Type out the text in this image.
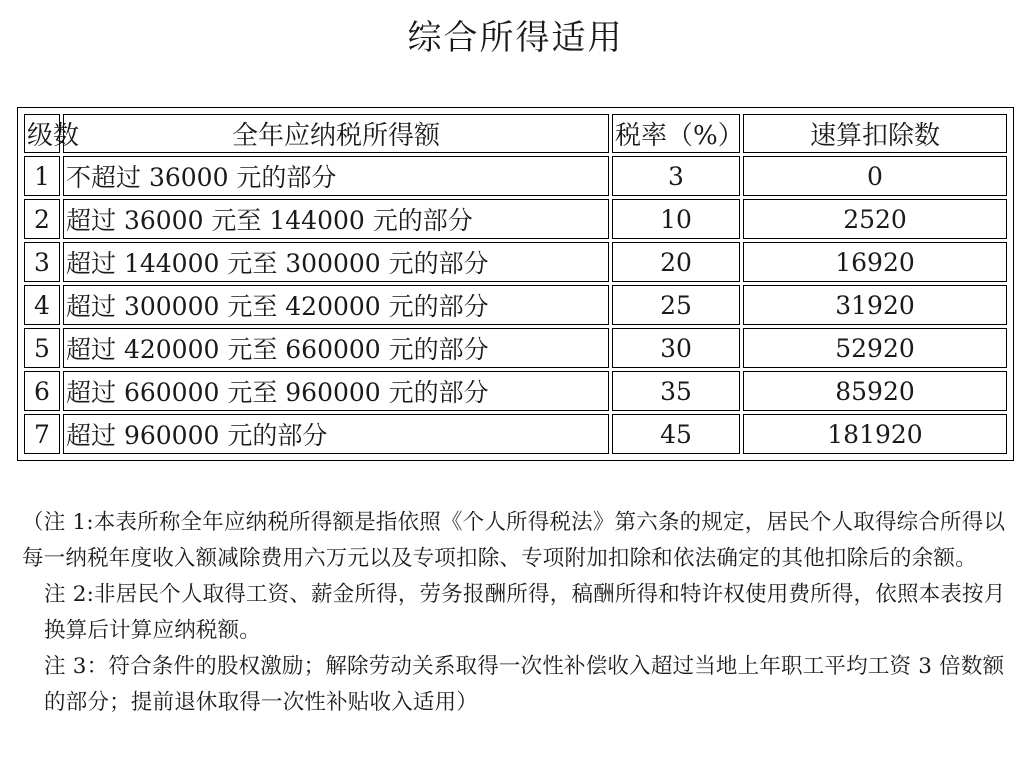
综合所得适用
级数	全年应纳税所得额	税率（%）	速算扣除数
1	不超过 36000 元的部分	3	0
2	超过 36000 元至 144000 元的部分	10	2520
3	超过 144000 元至 300000 元的部分	20	16920
4	超过 300000 元至 420000 元的部分	25	31920
5	超过 420000 元至 660000 元的部分	30	52920
6	超过 660000 元至 960000 元的部分	35	85920
7	超过 960000 元的部分	45	181920

（注 1:本表所称全年应纳税所得额是指依照《个人所得税法》第六条的规定，居民个人取得综合所得以每一纳税年度收入额减除费用六万元以及专项扣除、专项附加扣除和依法确定的其他扣除后的余额。

注 2:非居民个人取得工资、薪金所得，劳务报酬所得，稿酬所得和特许权使用费所得，依照本表按月换算后计算应纳税额。

注 3：符合条件的股权激励；解除劳动关系取得一次性补偿收入超过当地上年职工平均工资 3 倍数额的部分；提前退休取得一次性补贴收入适用）
